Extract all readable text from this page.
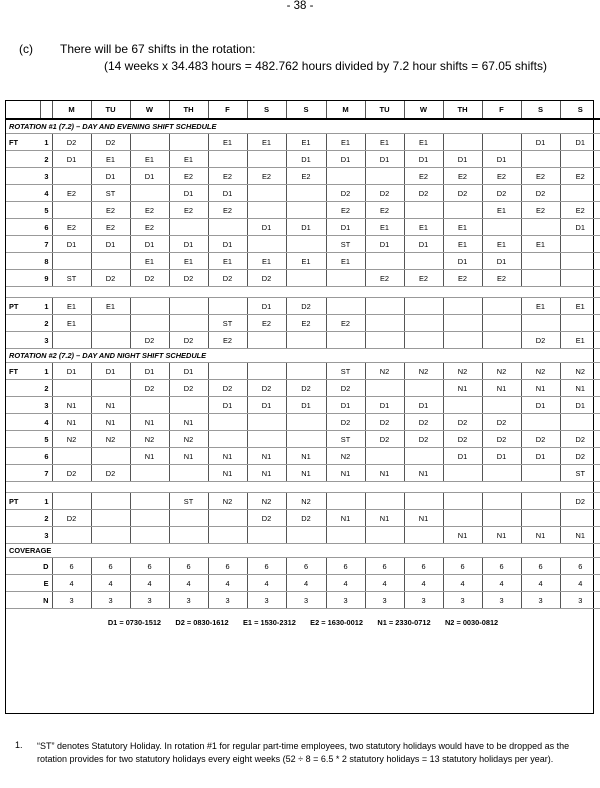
- 38 -
(c) There will be 67 shifts in the rotation:
(14 weeks x 34.483 hours = 482.762 hours divided by 7.2 hour shifts = 67.05 shifts)
		M	TU	W	TH	F	S	S	M	TU	W	TH	F	S	S
ROTATION #1 (7.2) – DAY AND EVENING SHIFT SCHEDULE															
FT	1	D2	D2			E1	E1	E1	E1	E1	E1			D1	D1
	2	D1	E1	E1	E1			D1	D1	D1	D1	D1	D1		
	3		D1	D1	E2	E2	E2	E2			E2	E2	E2	E2	E2
	4	E2	ST		D1	D1			D2	D2	D2	D2	D2	D2	
	5		E2	E2	E2	E2			E2	E2			E1	E2	E2
	6	E2	E2	E2			D1	D1	D1	E1	E1	E1			D1
	7	D1	D1	D1	D1	D1			ST	D1	D1	E1	E1	E1	
	8			E1	E1	E1	E1	E1	E1			D1	D1		
	9	ST	D2	D2	D2	D2	D2			E2	E2	E2	E2		

PT	1	E1	E1				D1	D2						E1	E1
	2	E1				ST	E2	E2	E2						
	3			D2	D2	E2								D2	E1
ROTATION #2 (7.2) – DAY AND NIGHT SHIFT SCHEDULE															
FT	1	D1	D1	D1	D1				ST	N2	N2	N2	N2	N2	N2
	2			D2	D2	D2	D2	D2	D2			N1	N1	N1	N1
	3	N1	N1			D1	D1	D1	D1	D1	D1			D1	D1
	4	N1	N1	N1	N1				D2	D2	D2	D2	D2		
	5	N2	N2	N2	N2				ST	D2	D2	D2	D2	D2	D2
	6			N1	N1	N1	N1	N1	N2			D1	D1	D1	D2
	7	D2	D2			N1	N1	N1	N1	N1	N1				ST

PT	1				ST	N2	N2	N2							D2
	2	D2					D2	D2	N1	N1	N1				
	3											N1	N1	N1	N1
COVERAGE															
	D	6	6	6	6	6	6	6	6	6	6	6	6	6	6
	E	4	4	4	4	4	4	4	4	4	4	4	4	4	4
	N	3	3	3	3	3	3	3	3	3	3	3	3	3	3
D1 = 0730-1512       D2 = 0830-1612       E1 = 1530-2312       E2 = 1630-0012       N1 = 2330-0712       N2 = 0030-0812															
1. “ST” denotes Statutory Holiday. In rotation #1 for regular part-time employees, two statutory holidays would have to be dropped as the rotation provides for two statutory holidays every eight weeks (52 ÷ 8 = 6.5 * 2 statutory holidays = 13 statutory holidays per year).
